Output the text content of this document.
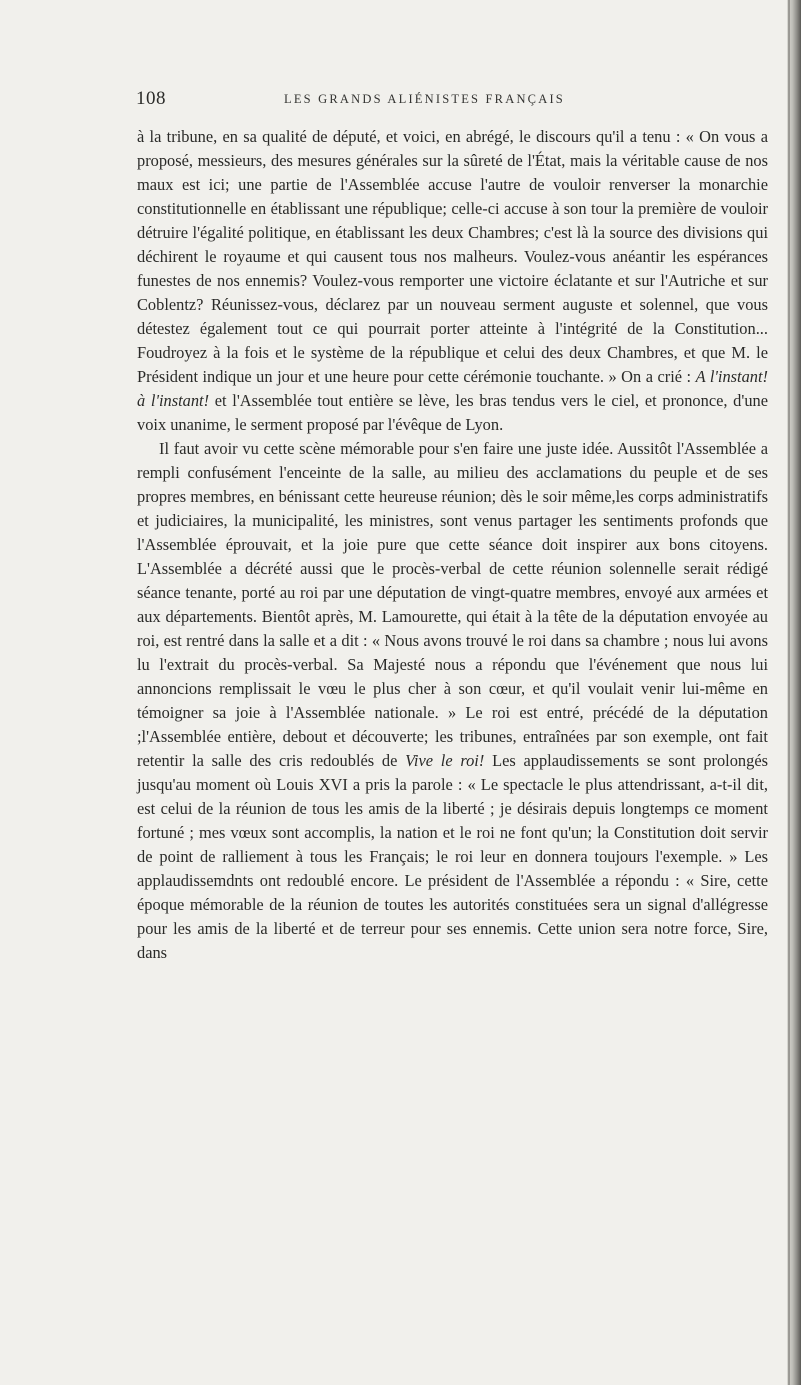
108	LES GRANDS ALIÉNISTES FRANÇAIS

à la tribune, en sa qualité de député, et voici, en abrégé, le discours qu'il a tenu : « On vous a proposé, messieurs, des mesures générales sur la sûreté de l'État, mais la véritable cause de nos maux est ici; une partie de l'Assemblée accuse l'autre de vouloir renverser la monarchie constitutionnelle en établissant une république; celle-ci accuse à son tour la première de vouloir détruire l'égalité politique, en établissant les deux Chambres; c'est là la source des divisions qui déchirent le royaume et qui causent tous nos malheurs. Voulez-vous anéantir les espérances funestes de nos ennemis? Voulez-vous remporter une victoire éclatante et sur l'Autriche et sur Coblentz? Réunissez-vous, déclarez par un nouveau serment auguste et solennel, que vous détestez également tout ce qui pourrait porter atteinte à l'intégrité de la Constitution... Foudroyez à la fois et le système de la république et celui des deux Chambres, et que M. le Président indique un jour et une heure pour cette cérémonie touchante. » On a crié : A l'instant! à l'instant! et l'Assemblée tout entière se lève, les bras tendus vers le ciel, et prononce, d'une voix unanime, le serment proposé par l'évêque de Lyon.

Il faut avoir vu cette scène mémorable pour s'en faire une juste idée. Aussitôt l'Assemblée a rempli confusément l'enceinte de la salle, au milieu des acclamations du peuple et de ses propres membres, en bénissant cette heureuse réunion; dès le soir même,les corps administratifs et judiciaires, la municipalité, les ministres, sont venus partager les sentiments profonds que l'Assemblée éprouvait, et la joie pure que cette séance doit inspirer aux bons citoyens. L'Assemblée a décrété aussi que le procès-verbal de cette réunion solennelle serait rédigé séance tenante, porté au roi par une députation de vingt-quatre membres, envoyé aux armées et aux départements. Bientôt après, M. Lamourette, qui était à la tête de la députation envoyée au roi, est rentré dans la salle et a dit : « Nous avons trouvé le roi dans sa chambre ; nous lui avons lu l'extrait du procès-verbal. Sa Majesté nous a répondu que l'événement que nous lui annoncions remplissait le vœu le plus cher à son cœur, et qu'il voulait venir lui-même en témoigner sa joie à l'Assemblée nationale. » Le roi est entré, précédé de la députation ;l'Assemblée entière, debout et découverte; les tribunes, entraînées par son exemple, ont fait retentir la salle des cris redoublés de Vive le roi! Les applaudissements se sont prolongés jusqu'au moment où Louis XVI a pris la parole : « Le spectacle le plus attendrissant, a-t-il dit, est celui de la réunion de tous les amis de la liberté ; je désirais depuis longtemps ce moment fortuné ; mes vœux sont accomplis, la nation et le roi ne font qu'un; la Constitution doit servir de point de ralliement à tous les Français; le roi leur en donnera toujours l'exemple. » Les applaudissemdnts ont redoublé encore. Le président de l'Assemblée a répondu : « Sire, cette époque mémorable de la réunion de toutes les autorités constituées sera un signal d'allégresse pour les amis de la liberté et de terreur pour ses ennemis. Cette union sera notre force, Sire, dans
